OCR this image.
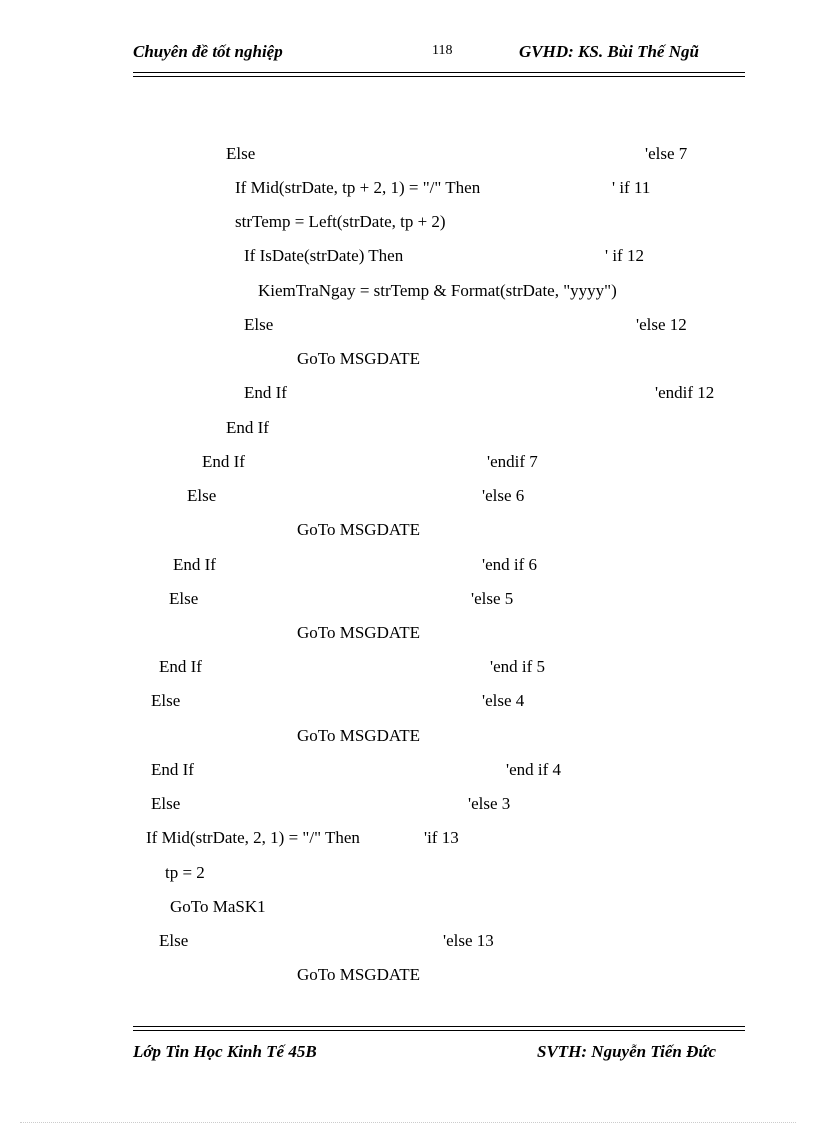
Chuyên đề tốt nghiệp	118	GVHD: KS. Bùi Thế Ngũ
Else	'else 7
If Mid(strDate, tp + 2, 1) = "/" Then	' if 11
strTemp = Left(strDate, tp + 2)
If IsDate(strDate) Then	' if 12
KiemTraNgay = strTemp & Format(strDate, "yyyy")
Else	'else 12
GoTo MSGDATE
End If	'endif 12
End If
End If	'endif 7
Else	'else 6
GoTo MSGDATE
End If	'end if 6
Else	'else 5
GoTo MSGDATE
End If	'end if 5
Else	'else 4
GoTo MSGDATE
End If	'end if 4
Else	'else 3
If Mid(strDate, 2, 1) = "/" Then	'if 13
tp = 2
GoTo MaSK1
Else	'else 13
GoTo MSGDATE
Lớp Tin Học Kinh Tế 45B	SVTH: Nguyễn Tiến Đức
